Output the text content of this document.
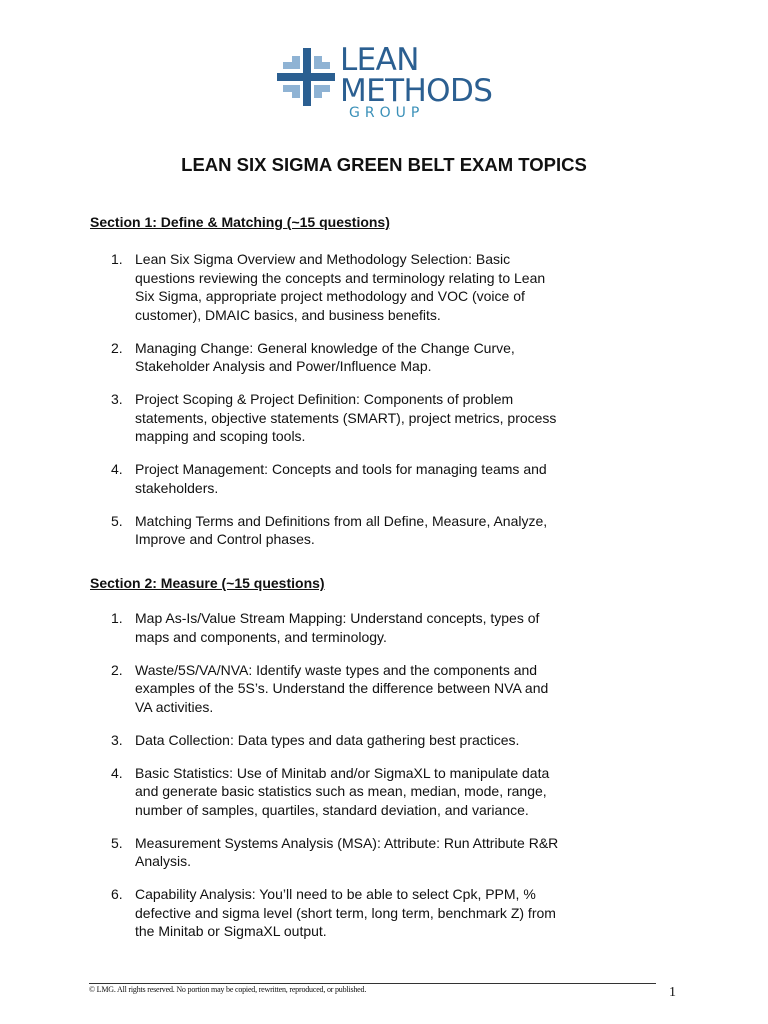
LEAN
METHODS
GROUP
LEAN SIX SIGMA GREEN BELT EXAM TOPICS
Section 1: Define & Matching (~15 questions)
1. Lean Six Sigma Overview and Methodology Selection: Basic questions reviewing the concepts and terminology relating to Lean Six Sigma, appropriate project methodology and VOC (voice of customer), DMAIC basics, and business benefits.
2. Managing Change: General knowledge of the Change Curve, Stakeholder Analysis and Power/Influence Map.
3. Project Scoping & Project Definition: Components of problem statements, objective statements (SMART), project metrics, process mapping and scoping tools.
4. Project Management: Concepts and tools for managing teams and stakeholders.
5. Matching Terms and Definitions from all Define, Measure, Analyze, Improve and Control phases.
Section 2: Measure (~15 questions)
1. Map As-Is/Value Stream Mapping: Understand concepts, types of maps and components, and terminology.
2. Waste/5S/VA/NVA: Identify waste types and the components and examples of the 5S’s. Understand the difference between NVA and VA activities.
3. Data Collection: Data types and data gathering best practices.
4. Basic Statistics: Use of Minitab and/or SigmaXL to manipulate data and generate basic statistics such as mean, median, mode, range, number of samples, quartiles, standard deviation, and variance.
5. Measurement Systems Analysis (MSA): Attribute: Run Attribute R&R Analysis.
6. Capability Analysis: You’ll need to be able to select Cpk, PPM, % defective and sigma level (short term, long term, benchmark Z) from the Minitab or SigmaXL output.
© LMG. All rights reserved. No portion may be copied, rewritten, reproduced, or published.	1
